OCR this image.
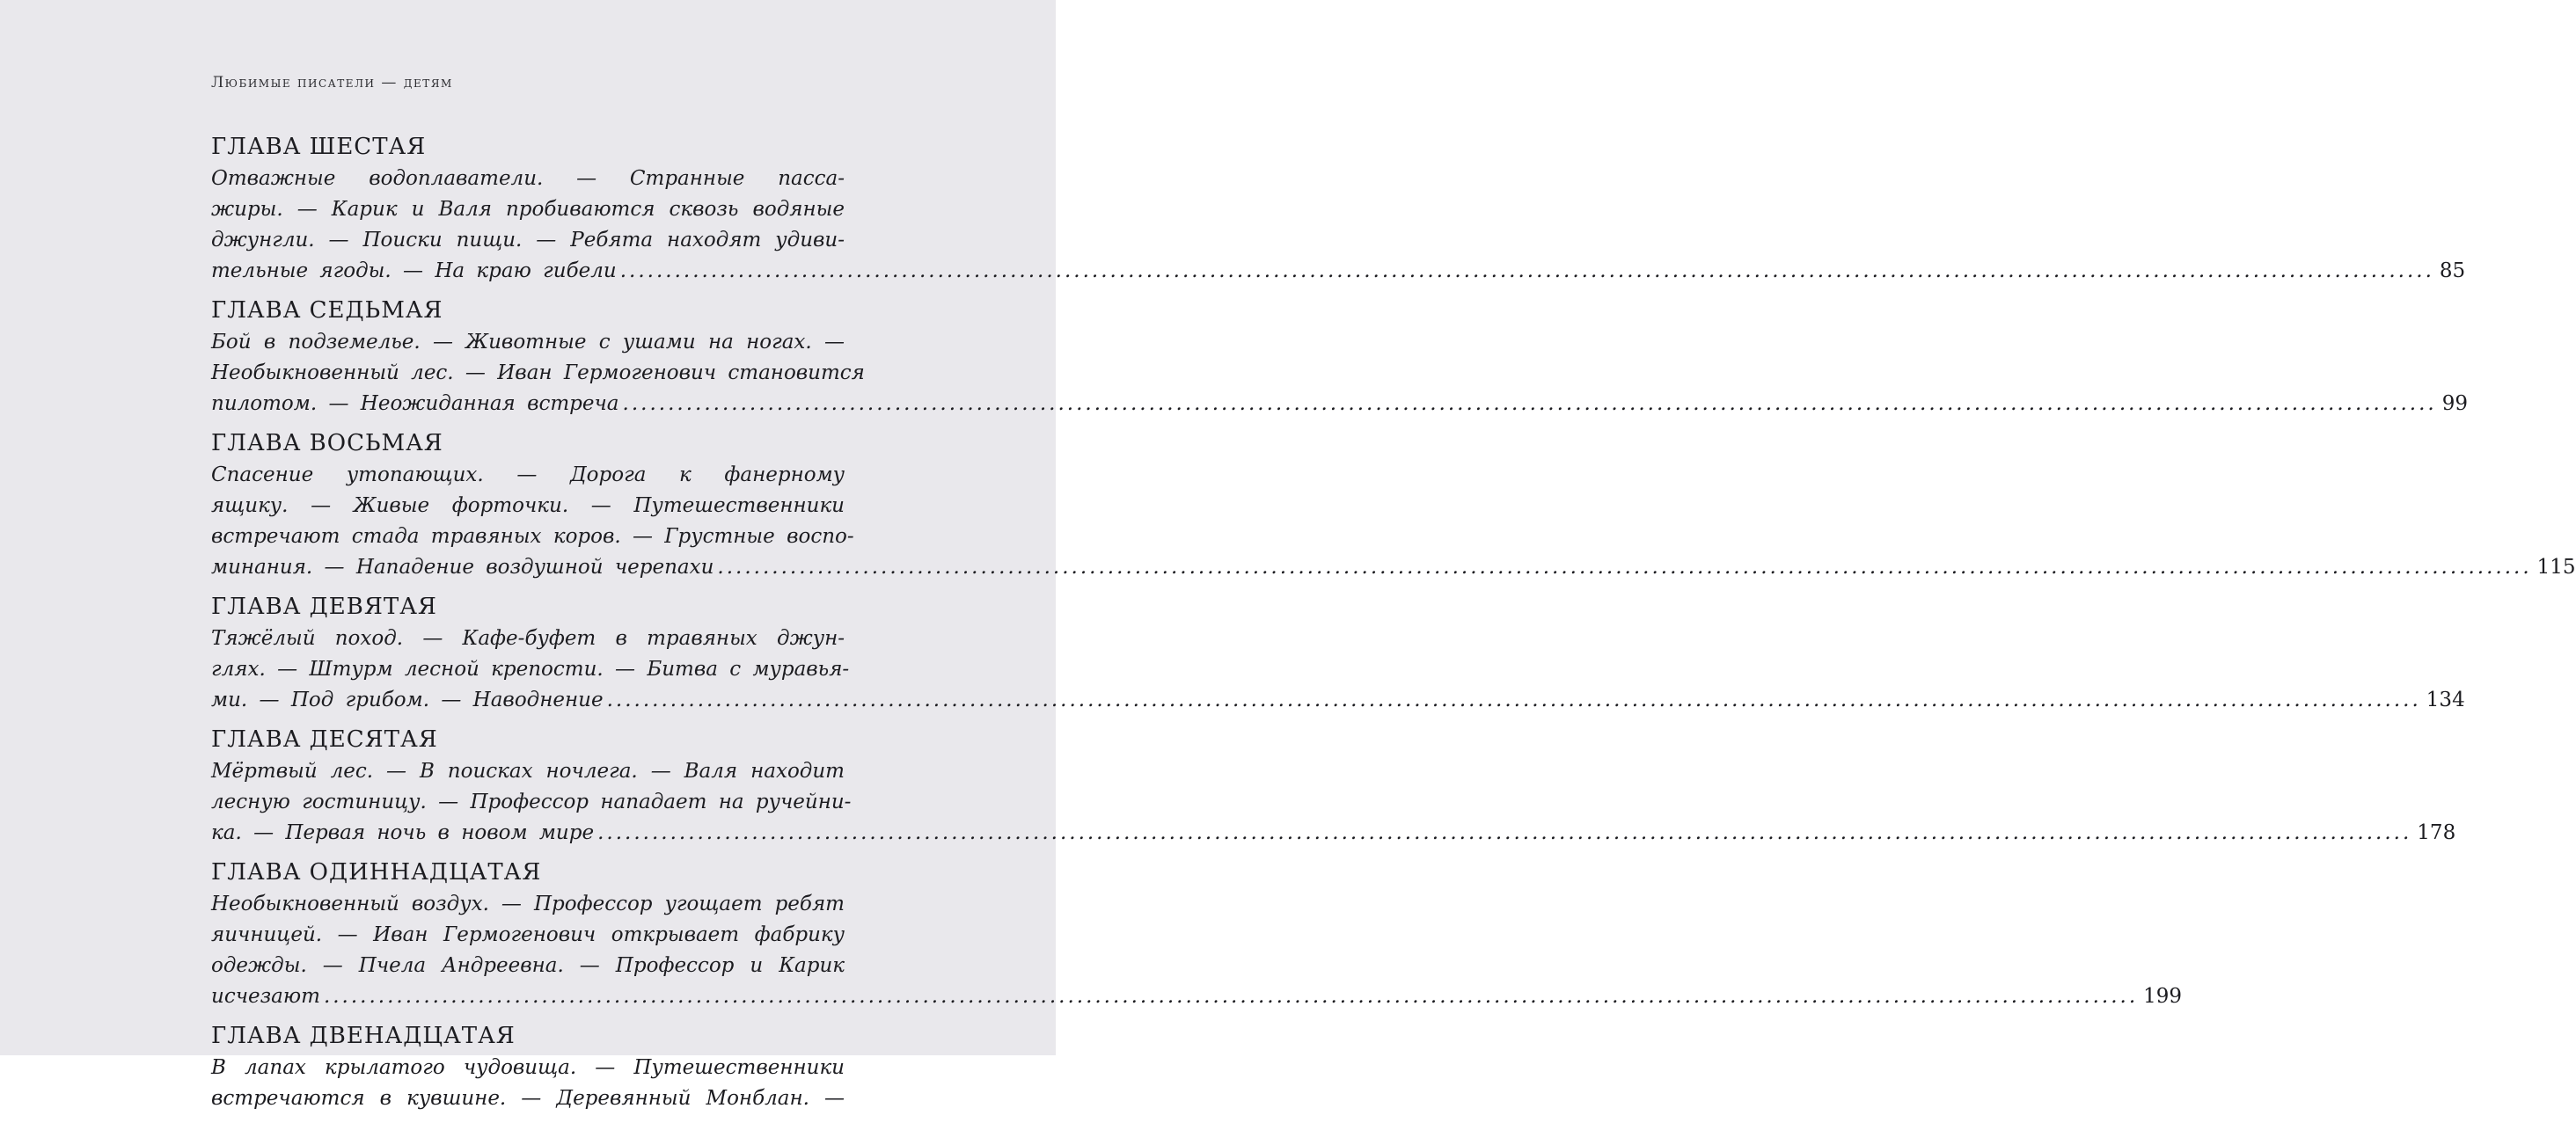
Любимые писатели — детям
ГЛАВА ШЕСТАЯ
Отважные водоплаватели. — Странные пасса-
жиры. — Карик и Валя пробиваются сквозь водяные
джунгли. — Поиски пищи. — Ребята находят удиви-
тельные ягоды. — На краю гибели ........................................................................................................................................................................................................ 85
ГЛАВА СЕДЬМАЯ
Бой в подземелье. — Животные с ушами на ногах. —
Необыкновенный лес. — Иван Гермогенович становится
пилотом. — Неожиданная встреча ........................................................................................................................................................................................................ 99
ГЛАВА ВОСЬМАЯ
Спасение утопающих. — Дорога к фанерному
ящику. — Живые форточки. — Путешественники
встречают стада травяных коров. — Грустные воспо-
минания. — Нападение воздушной черепахи ........................................................................................................................................................................................................ 115
ГЛАВА ДЕВЯТАЯ
Тяжёлый поход. — Кафе-буфет в травяных джун-
глях. — Штурм лесной крепости. — Битва с муравья-
ми. — Под грибом. — Наводнение ........................................................................................................................................................................................................ 134
ГЛАВА ДЕСЯТАЯ
Мёртвый лес. — В поисках ночлега. — Валя находит
лесную гостиницу. — Профессор нападает на ручейни-
ка. — Первая ночь в новом мире ........................................................................................................................................................................................................ 178
ГЛАВА ОДИННАДЦАТАЯ
Необыкновенный воздух. — Профессор угощает ребят
яичницей. — Иван Гермогенович открывает фабрику
одежды. — Пчела Андреевна. — Профессор и Карик
исчезают ........................................................................................................................................................................................................ 199
ГЛАВА ДВЕНАДЦАТАЯ
В лапах крылатого чудовища. — Путешественники
встречаются в кувшине. — Деревянный Монблан. —
